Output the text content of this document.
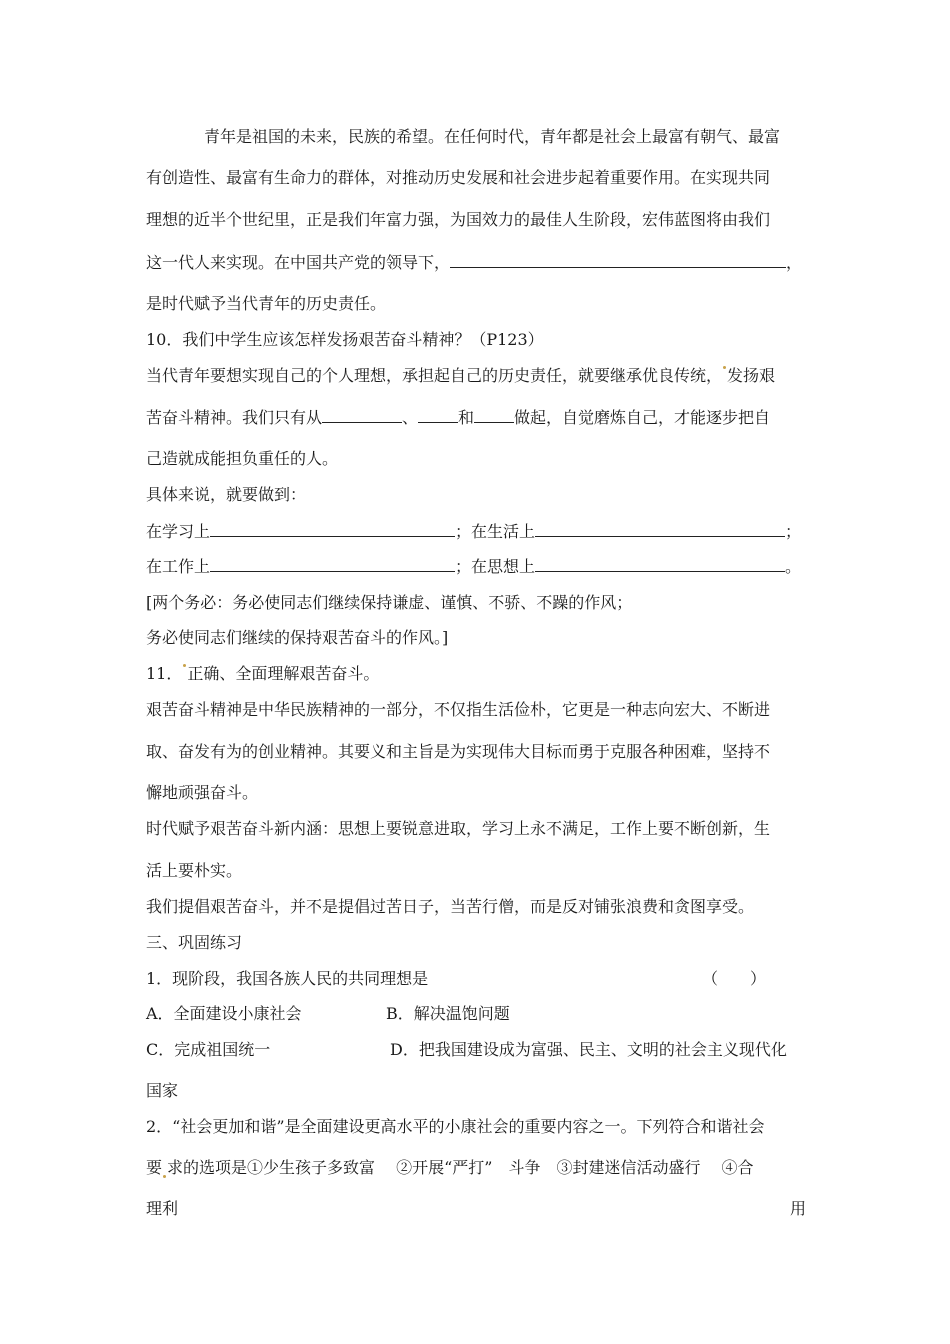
青年是祖国的未来，民族的希望。在任何时代，青年都是社会上最富有朝气、最富
有创造性、最富有生命力的群体，对推动历史发展和社会进步起着重要作用。在实现共同
理想的近半个世纪里，正是我们年富力强，为国效力的最佳人生阶段，宏伟蓝图将由我们
这一代人来实现。在中国共产党的领导下，	，
是时代赋予当代青年的历史责任。
10．我们中学生应该怎样发扬艰苦奋斗精神？（P123）
当代青年要想实现自己的个人理想，承担起自己的历史责任，就要继承优良传统， 发扬艰
苦奋斗精神。我们只有从	、	和	做起，自觉磨炼自己，才能逐步把自
己造就成能担负重任的人。
具体来说，就要做到：
在学习上	；在生活上	；
在工作上	；在思想上	。
[两个务必：务必使同志们继续保持谦虚、谨慎、不骄、不躁的作风；
务必使同志们继续的保持艰苦奋斗的作风。]
11． 正确、全面理解艰苦奋斗。
艰苦奋斗精神是中华民族精神的一部分，不仅指生活俭朴，它更是一种志向宏大、不断进
取、奋发有为的创业精神。其要义和主旨是为实现伟大目标而勇于克服各种困难，坚持不
懈地顽强奋斗。
时代赋予艰苦奋斗新内涵：思想上要锐意进取，学习上永不满足，工作上要不断创新，生
活上要朴实。
我们提倡艰苦奋斗，并不是提倡过苦日子，当苦行僧，而是反对铺张浪费和贪图享受。
三、巩固练习
1．现阶段，我国各族人民的共同理想是	（　　）
A．全面建设小康社会	B．解决温饱问题
C．完成祖国统一	D．把我国建设成为富强、民主、文明的社会主义现代化
国家
2．“社会更加和谐”是全面建设更高水平的小康社会的重要内容之一。下列符合和谐社会
要 求的选项是①少生孩子多致富　 ②开展“严打”　斗争　③封建迷信活动盛行　 ④合
理利	用
